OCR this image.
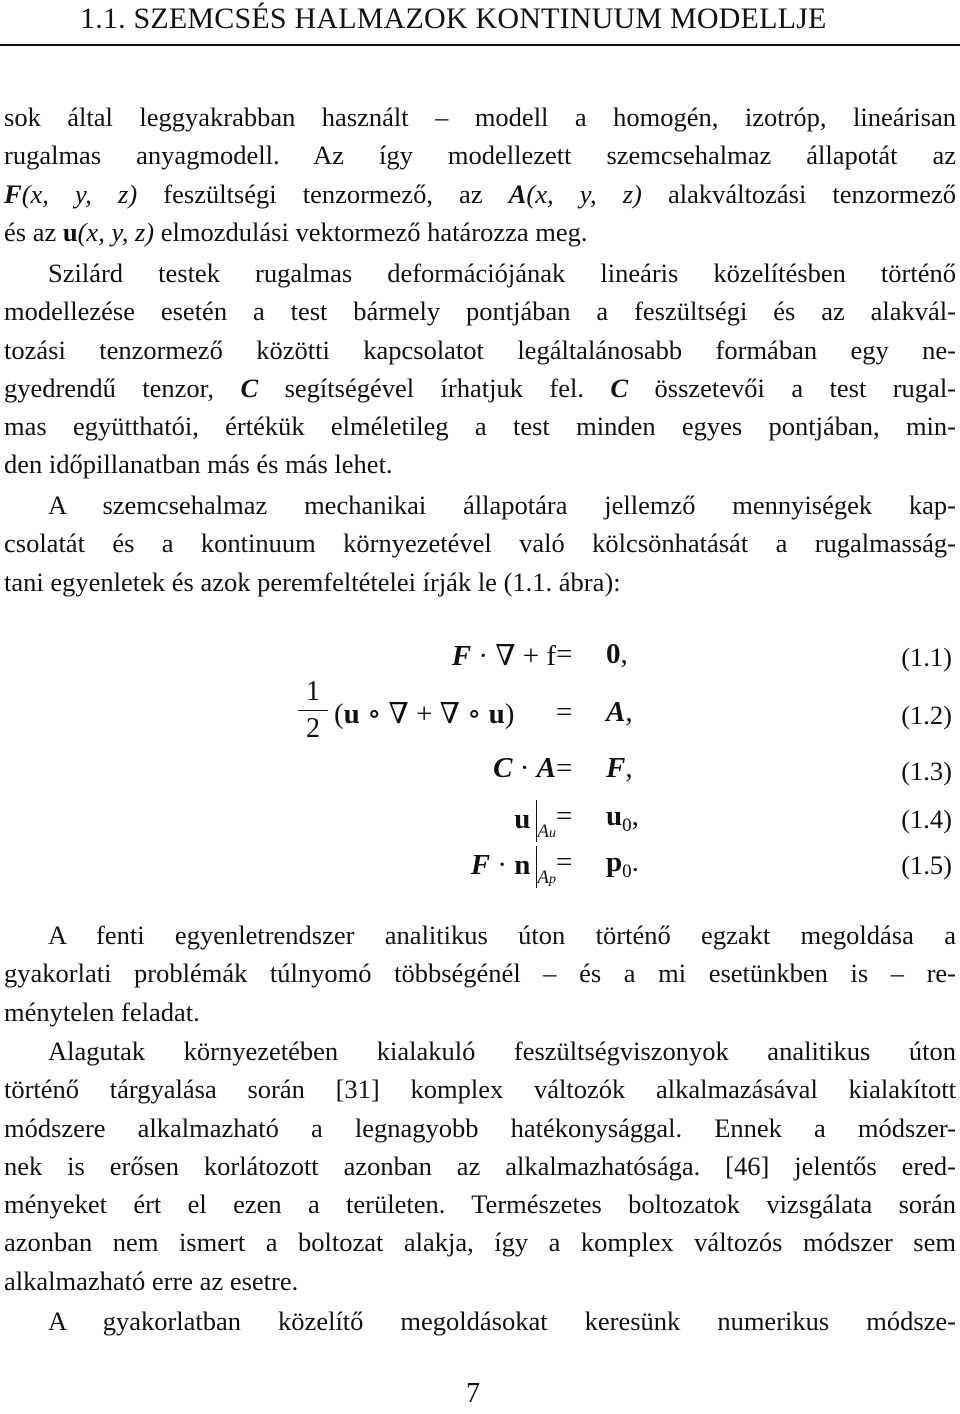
1.1. SZEMCSÉS HALMAZOK KONTINUUM MODELLJE
sok által leggyakrabban használt – modell a homogén, izotróp, lineárisan
rugalmas anyagmodell. Az így modellezett szemcsehalmaz állapotát az
F(x, y, z) feszültségi tenzormező, az A(x, y, z) alakváltozási tenzormező
és az u(x, y, z) elmozdulási vektormező határozza meg.
Szilárd testek rugalmas deformációjának lineáris közelítésben történő
modellezése esetén a test bármely pontjában a feszültségi és az alakvál-
tozási tenzormező közötti kapcsolatot legáltalánosabb formában egy ne-
gyedrendű tenzor, C segítségével írhatjuk fel. C összetevői a test rugal-
mas együtthatói, értékük elméletileg a test minden egyes pontjában, min-
den időpillanatban más és más lehet.
A szemcsehalmaz mechanikai állapotára jellemző mennyiségek kap-
csolatát és a kontinuum környezetével való kölcsönhatását a rugalmasság-
tani egyenletek és azok peremfeltételei írják le (1.1. ábra):
F · ∇ + f = 0,	(1.1)
1
2 (u ∘ ∇ + ∇ ∘ u) = A,	(1.2)
C · A = F,	(1.3)
u $_{Au}$
= $u_0$,	(1.4)
F · n $_{Ap}$
= $p_0$.	(1.5)
A fenti egyenletrendszer analitikus úton történő egzakt megoldása a
gyakorlati problémák túlnyomó többségénél – és a mi esetünkben is – re-
ménytelen feladat.
Alagutak környezetében kialakuló feszültségviszonyok analitikus úton
történő tárgyalása során [31] komplex változók alkalmazásával kialakított
módszere alkalmazható a legnagyobb hatékonysággal. Ennek a módszer-
nek is erősen korlátozott azonban az alkalmazhatósága. [46] jelentős ered-
ményeket ért el ezen a területen. Természetes boltozatok vizsgálata során
azonban nem ismert a boltozat alakja, így a komplex változós módszer sem
alkalmazható erre az esetre.
A gyakorlatban közelítő megoldásokat keresünk numerikus módsze-
7
